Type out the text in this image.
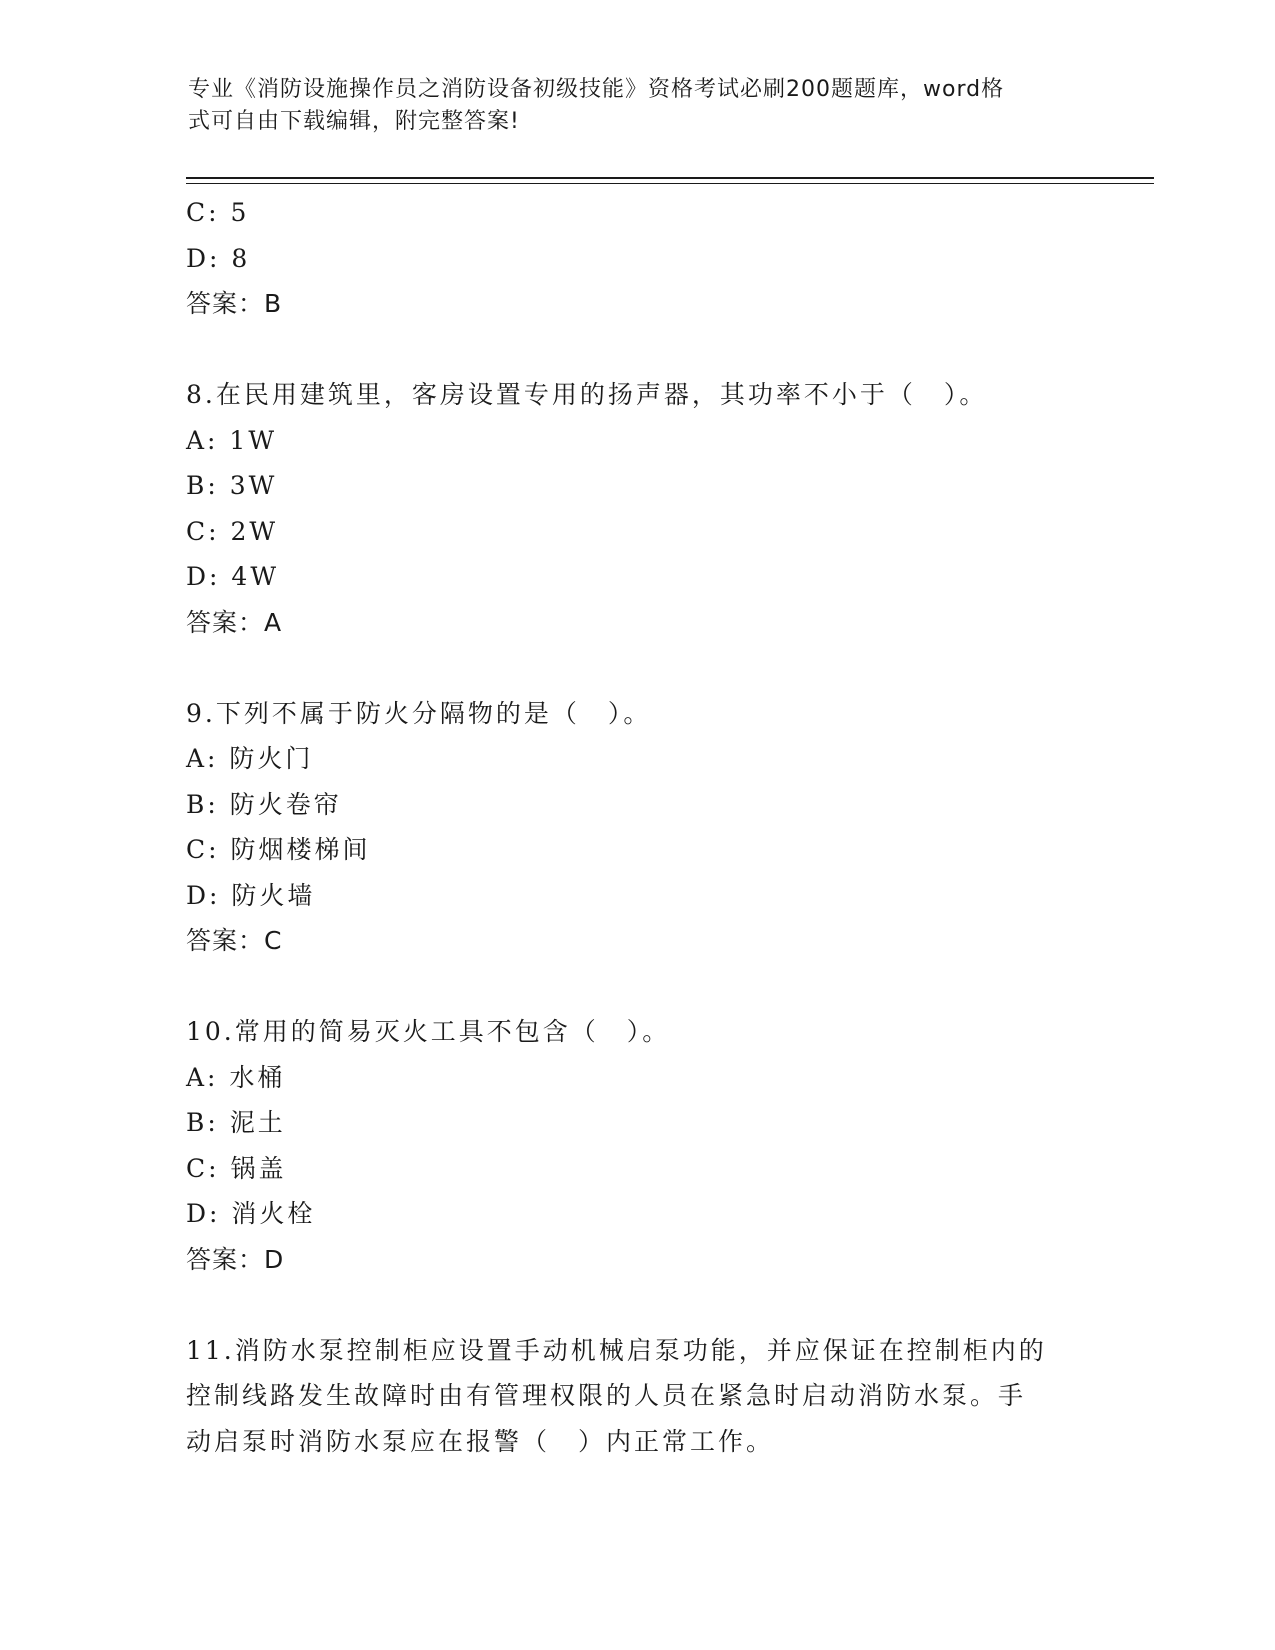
专业《消防设施操作员之消防设备初级技能》资格考试必刷200题题库，word格
式可自由下载编辑，附完整答案!
C: 5
D: 8
答案：B
8.在民用建筑里，客房设置专用的扬声器，其功率不小于（　）。
A: 1W
B: 3W
C: 2W
D: 4W
答案：A
9.下列不属于防火分隔物的是（　）。
A: 防火门
B: 防火卷帘
C: 防烟楼梯间
D: 防火墙
答案：C
10.常用的简易灭火工具不包含（　）。
A: 水桶
B: 泥土
C: 锅盖
D: 消火栓
答案：D
11.消防水泵控制柜应设置手动机械启泵功能，并应保证在控制柜内的
控制线路发生故障时由有管理权限的人员在紧急时启动消防水泵。手
动启泵时消防水泵应在报警（　）内正常工作。
